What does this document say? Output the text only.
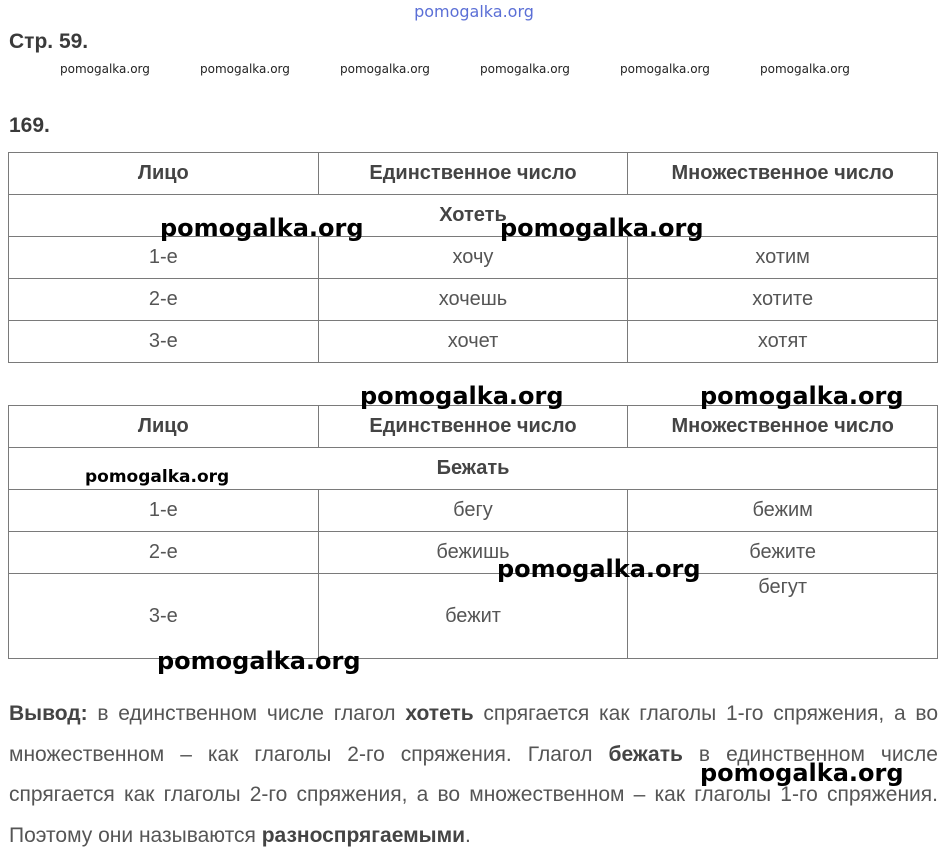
pomogalka.org
Стр. 59.
pomogalka.org	pomogalka.org	pomogalka.org	pomogalka.org	pomogalka.org	pomogalka.org
169.
Лицо	Единственное число	Множественное число
Хотеть		
1-е	хочу	хотим
2-е	хочешь	хотите
3-е	хочет	хотят
Лицо	Единственное число	Множественное число
Бежать		
1-е	бегу	бежим
2-е	бежишь	бежите
3-е	бежит	бегут
Вывод: в единственном числе глагол хотеть спрягается как глаголы 1-го спряжения, а во множественном – как глаголы 2-го спряжения. Глагол бежать в единственном числе спрягается как глаголы 2-го спряжения, а во множественном – как глаголы 1-го спряжения. Поэтому они называются разноспрягаемыми.
pomogalka.org	pomogalka.org
pomogalka.org	pomogalka.org
pomogalka.org
pomogalka.org
pomogalka.org
pomogalka.org
